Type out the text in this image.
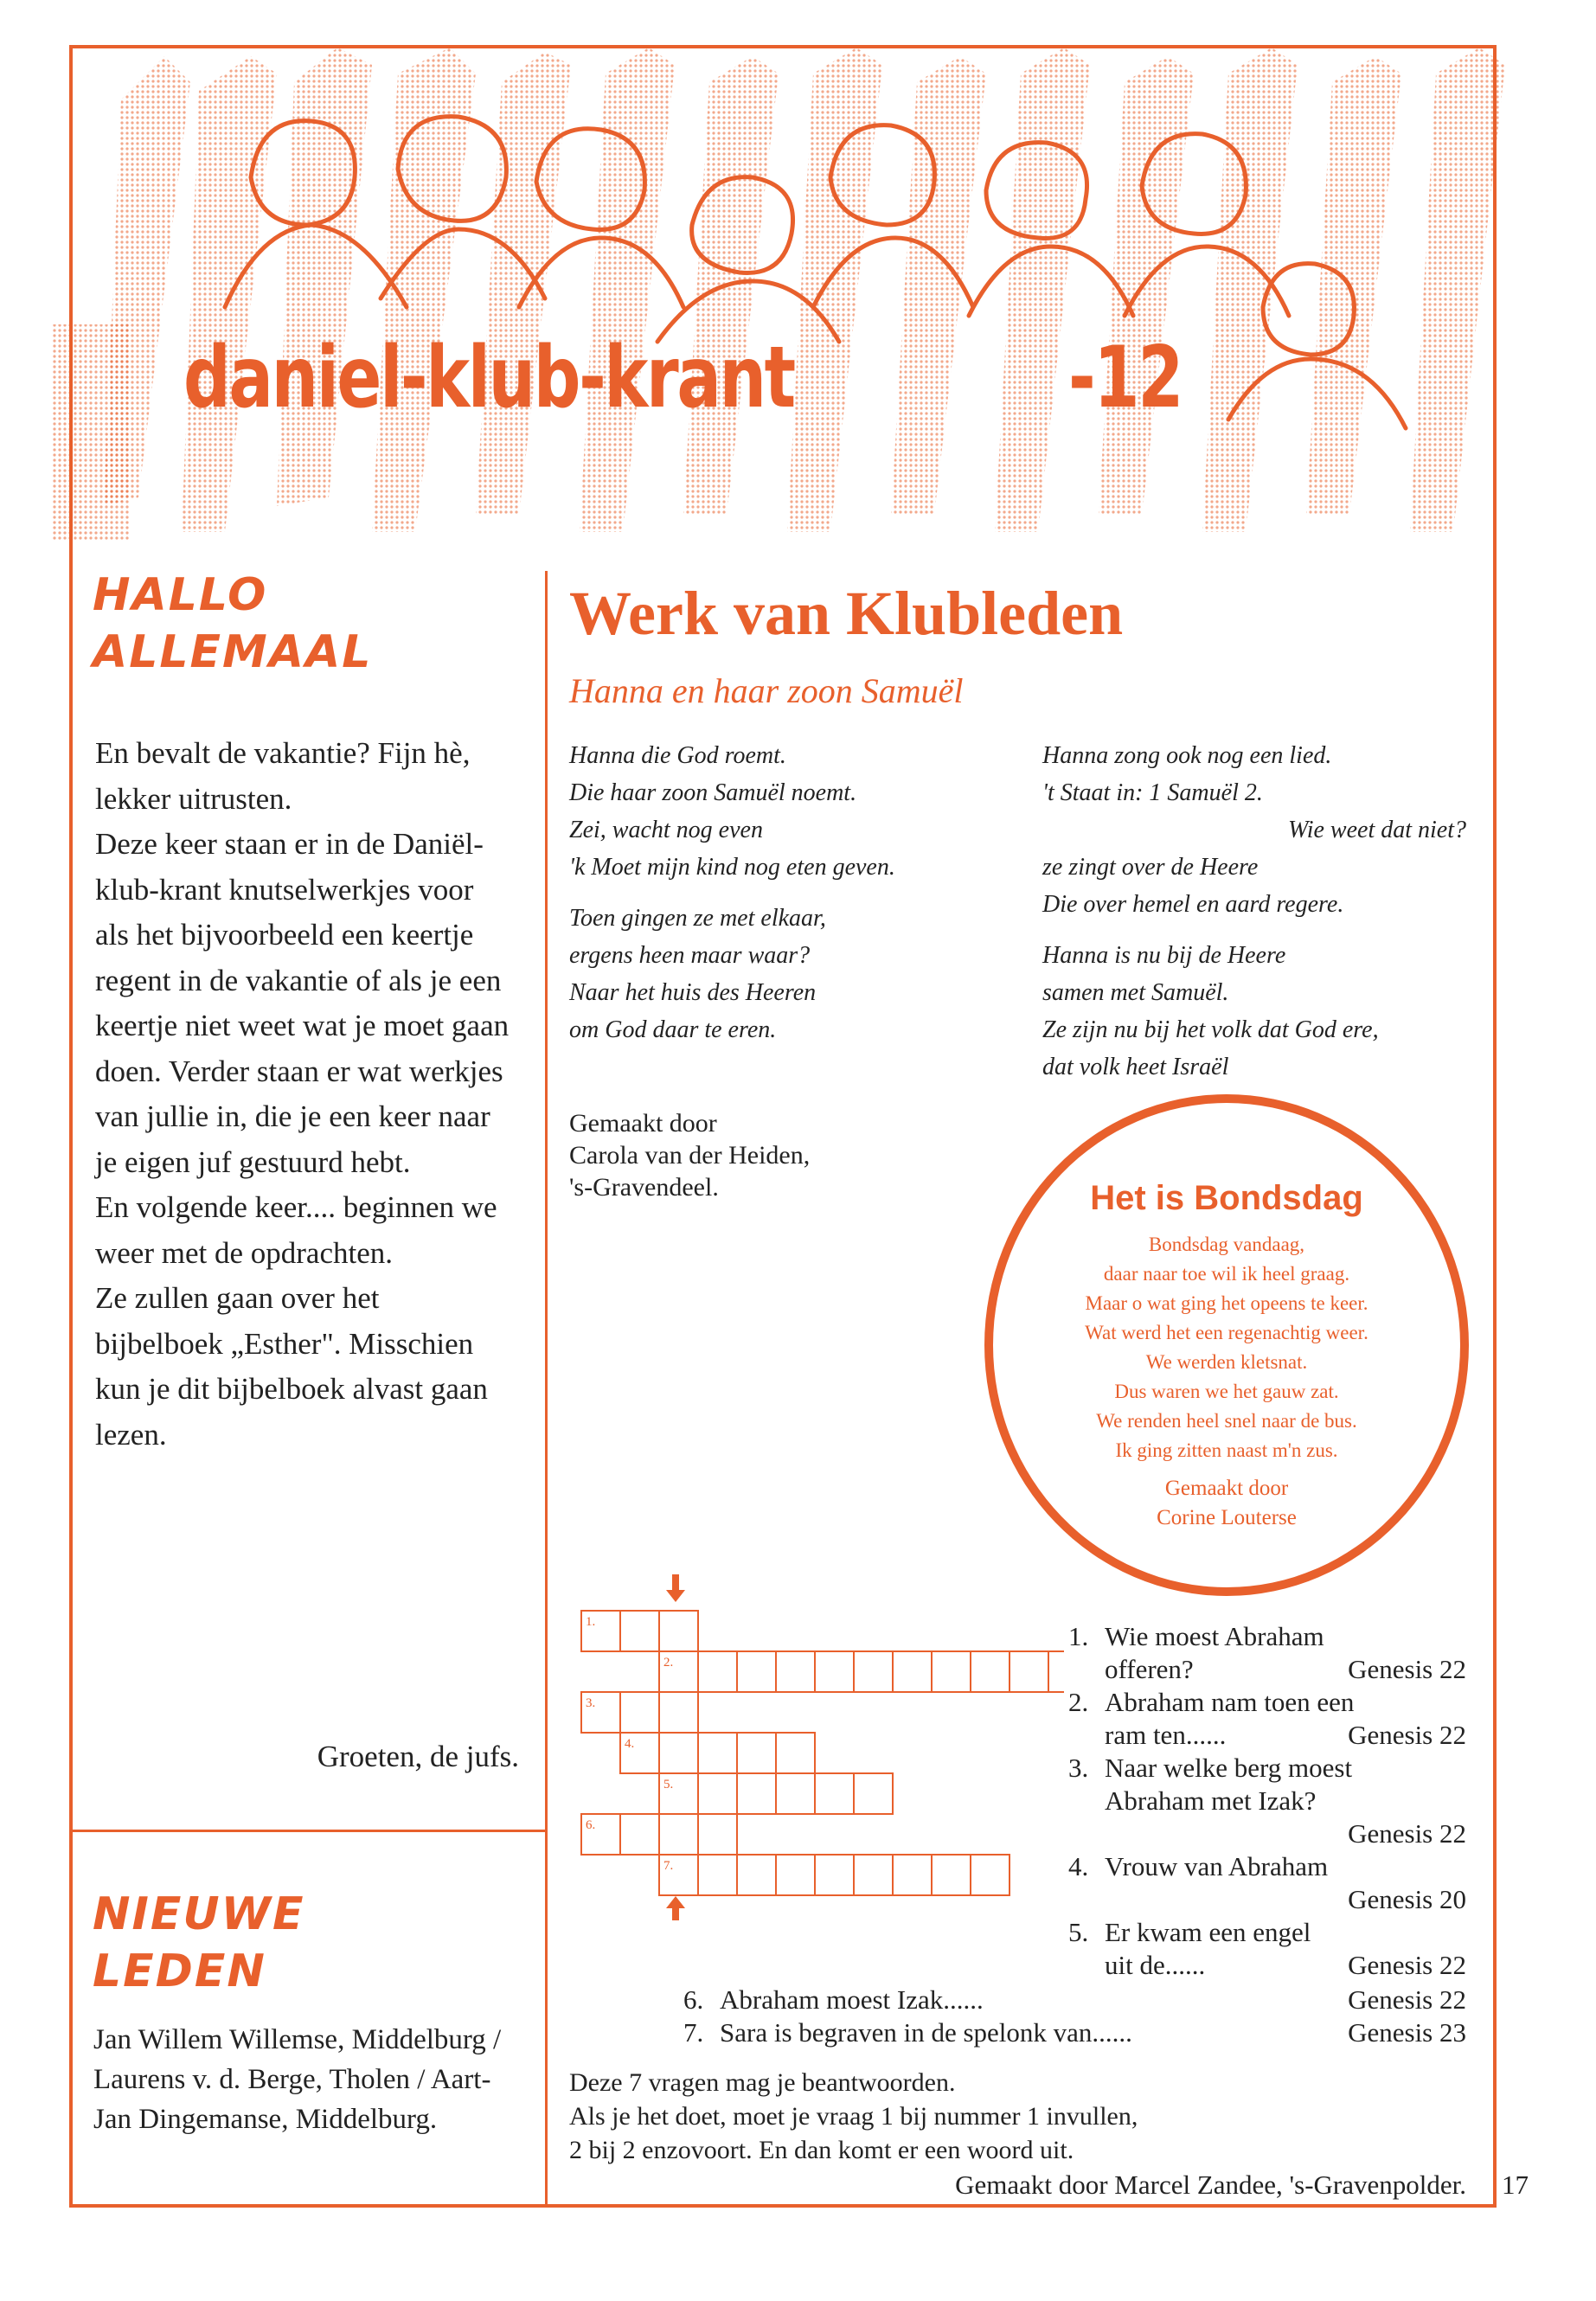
daniel-klub-krant	-12
HALLO
ALLEMAAL

En bevalt de vakantie? Fijn hè, lekker uitrusten.

Deze keer staan er in de Daniël-klub-krant knutselwerkjes voor als het bijvoorbeeld een keertje regent in de vakantie of als je een keertje niet weet wat je moet gaan doen. Verder staan er wat werkjes van jullie in, die je een keer naar je eigen juf gestuurd hebt.

En volgende keer.... beginnen we weer met de opdrachten.

Ze zullen gaan over het bijbelboek „Esther". Misschien kun je dit bijbelboek alvast gaan lezen.

Groeten, de jufs.
NIEUWE
LEDEN
Jan Willem Willemse, Middelburg / Laurens v. d. Berge, Tholen / Aart-Jan Dingemanse, Middelburg.
Werk van Klubleden
Hanna en haar zoon Samuël
Hanna die God roemt.
Die haar zoon Samuël noemt.
Zei, wacht nog even
'k Moet mijn kind nog eten geven.
Toen gingen ze met elkaar,
ergens heen maar waar?
Naar het huis des Heeren
om God daar te eren.
Hanna zong ook nog een lied.
't Staat in: 1 Samuël 2.
Wie weet dat niet?
ze zingt over de Heere
Die over hemel en aard regere.
Hanna is nu bij de Heere
samen met Samuël.
Ze zijn nu bij het volk dat God ere,
dat volk heet Israël
Gemaakt door
Carola van der Heiden,
's-Gravendeel.	Het is Bondsdag
Bondsdag vandaag,
daar naar toe wil ik heel graag.
Maar o wat ging het opeens te keer.
Wat werd het een regenachtig weer.
We werden kletsnat.
Dus waren we het gauw zat.
We renden heel snel naar de bus.
Ik ging zitten naast m'n zus.
Gemaakt door
Corine Louterse
1.
2.
3.
4.
5.
6.
7.
1. Wie moest Abraham
offeren?	Genesis 22
2. Abraham nam toen een
ram ten......	Genesis 22
3. Naar welke berg moest
Abraham met Izak?
Genesis 22
4. Vrouw van Abraham
Genesis 20
5. Er kwam een engel
uit de......	Genesis 22
6. Abraham moest Izak......	Genesis 22
7. Sara is begraven in de spelonk van......	Genesis 23
Deze 7 vragen mag je beantwoorden.
Als je het doet, moet je vraag 1 bij nummer 1 invullen,
2 bij 2 enzovoort. En dan komt er een woord uit.
Gemaakt door Marcel Zandee, 's-Gravenpolder. 17
